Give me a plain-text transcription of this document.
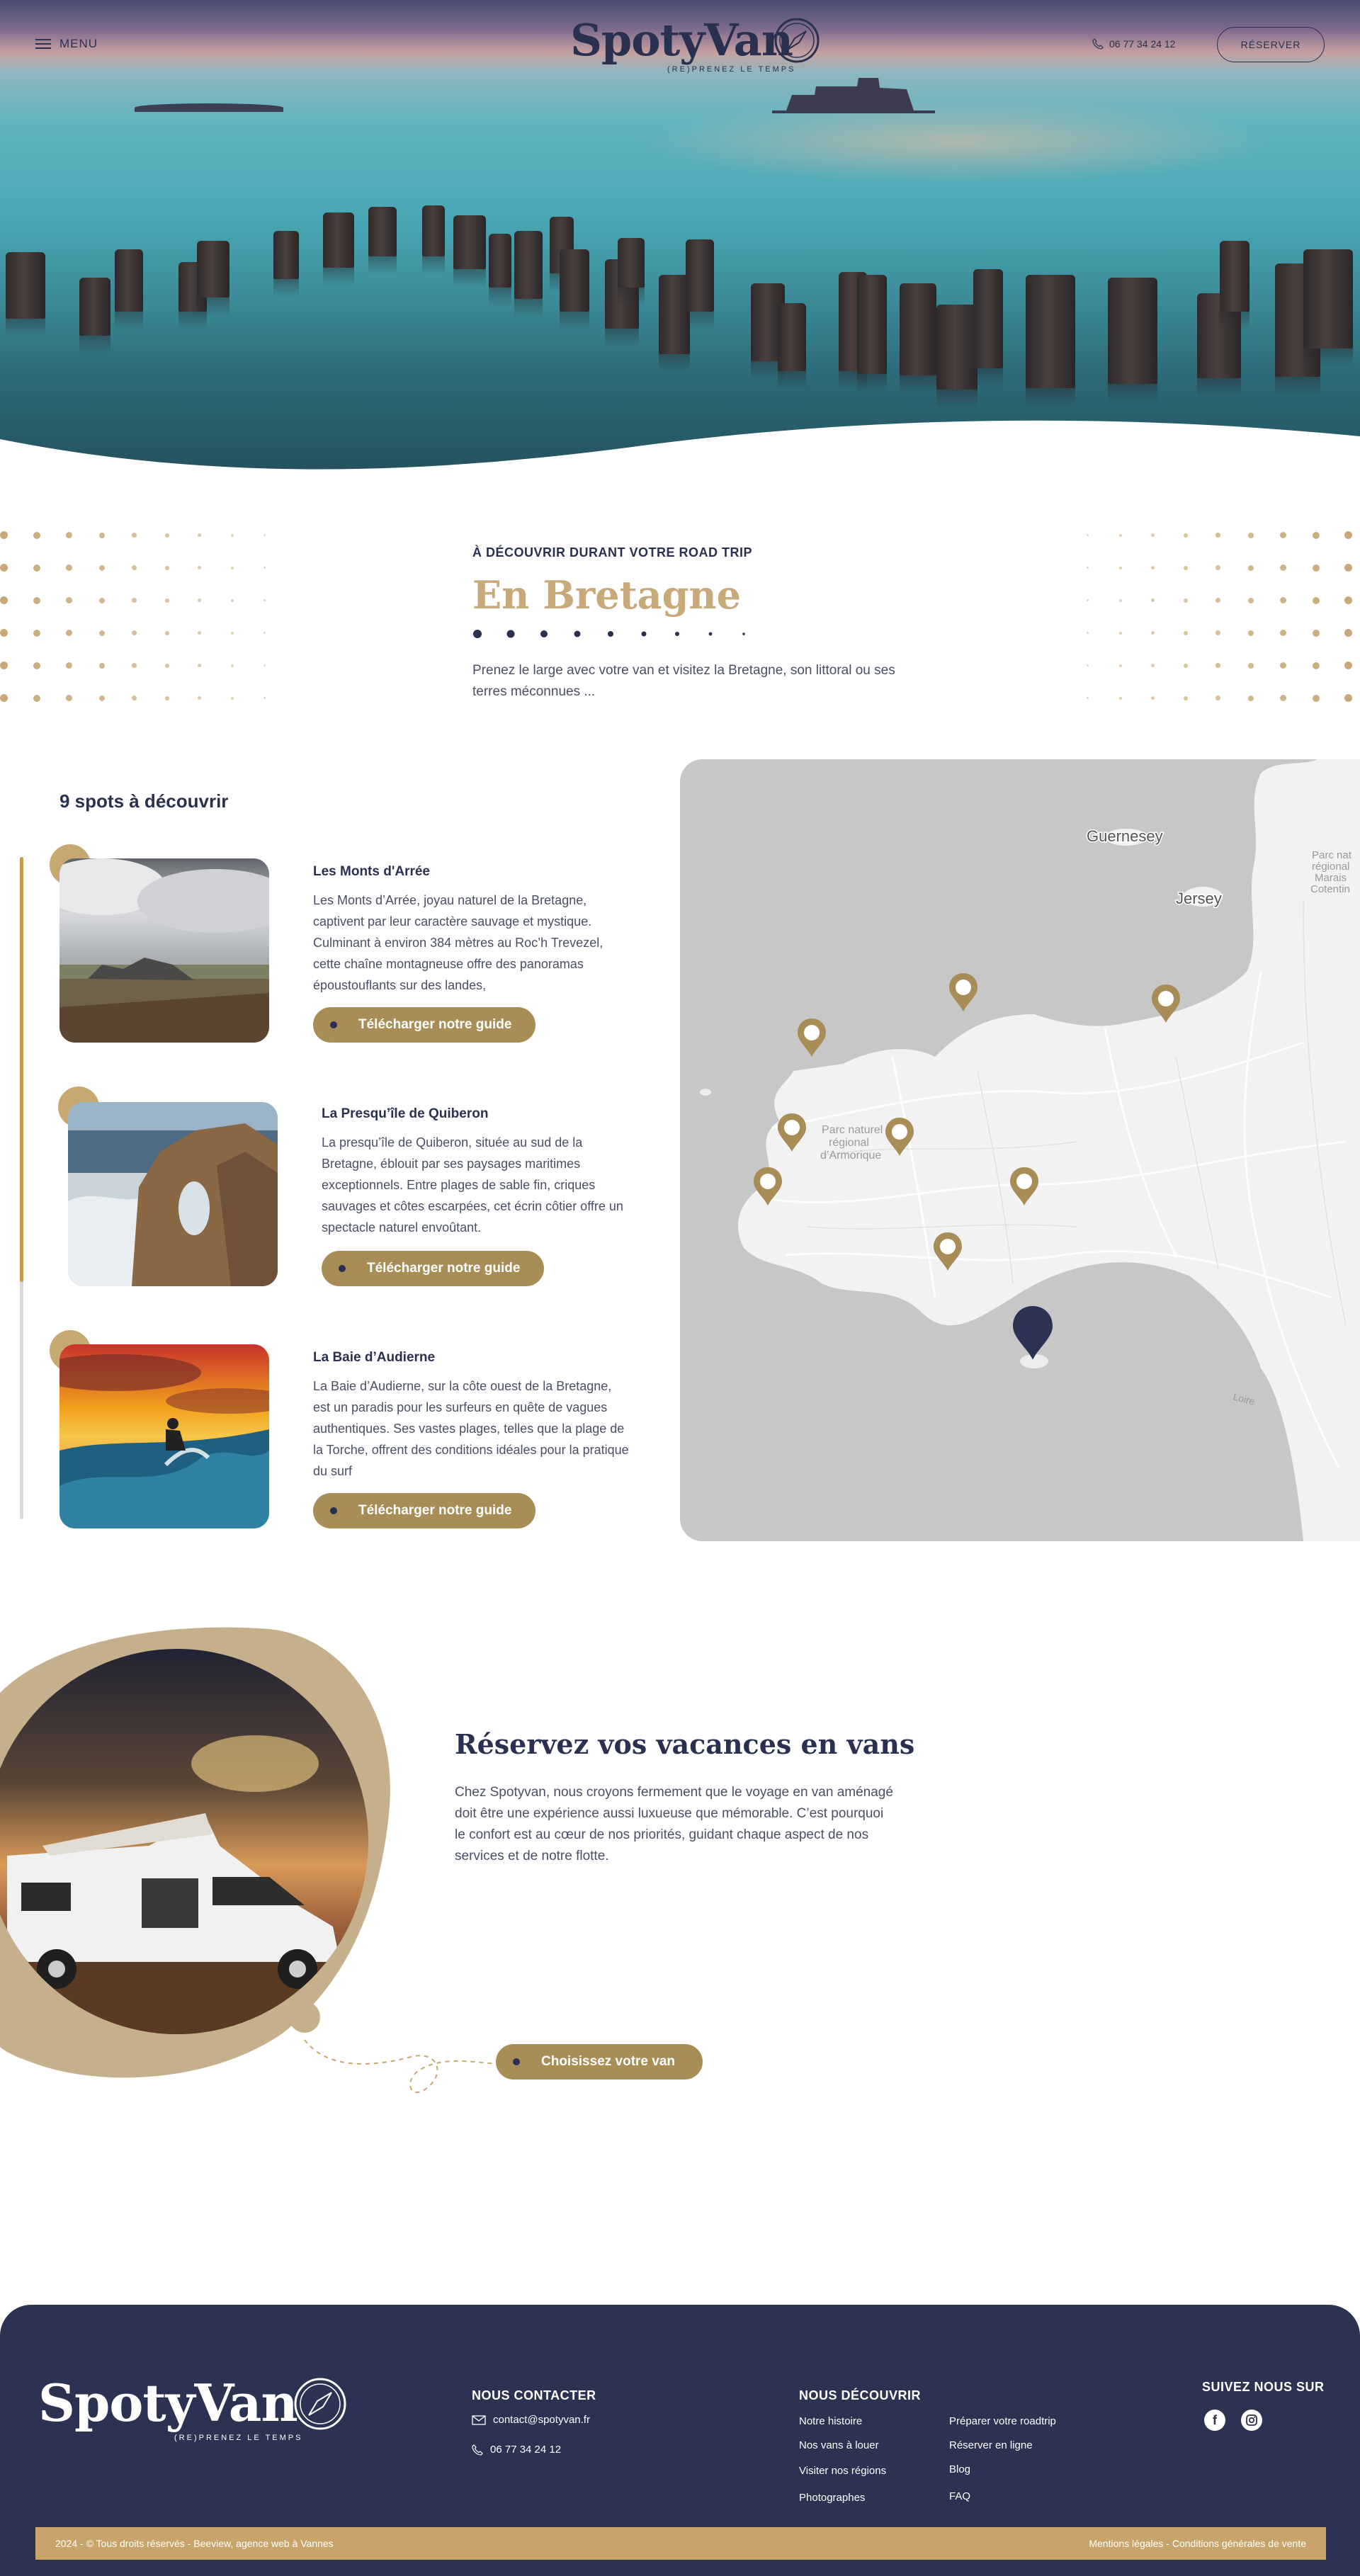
MENU	SpotyVan
(RE)PRENEZ LE TEMPS
06 77 34 24 12	RÉSERVER
À DÉCOUVRIR DURANT VOTRE ROAD TRIP
En Bretagne
Prenez le large avec votre van et visitez la Bretagne, son littoral ou ses terres méconnues ...
9 spots à découvrir
Les Monts d'Arrée
Les Monts d’Arrée, joyau naturel de la Bretagne, captivent par leur caractère sauvage et mystique. Culminant à environ 384 mètres au Roc’h Trevezel, cette chaîne montagneuse offre des panoramas époustouflants sur des landes,
Télécharger notre guide
La Presqu’île de Quiberon
La presqu’île de Quiberon, située au sud de la Bretagne, éblouit par ses paysages maritimes exceptionnels. Entre plages de sable fin, criques sauvages et côtes escarpées, cet écrin côtier offre un spectacle naturel envoûtant.
Télécharger notre guide
La Baie d’Audierne
La Baie d’Audierne, sur la côte ouest de la Bretagne, est un paradis pour les surfeurs en quête de vagues authentiques. Ses vastes plages, telles que la plage de la Torche, offrent des conditions idéales pour la pratique du surf
Télécharger notre guide
Guernesey
Jersey
Parc naturel régional d’Armorique
Parc nat régional Marais Cotentin
Loire
Réservez vos vacances en vans
Chez Spotyvan, nous croyons fermement que le voyage en van aménagé doit être une expérience aussi luxueuse que mémorable. C’est pourquoi le confort est au cœur de nos priorités, guidant chaque aspect de nos services et de notre flotte.
Choisissez votre van
SpotyVan
(RE)PRENEZ LE TEMPS
NOUS CONTACTER
contact@spotyvan.fr
06 77 34 24 12
NOUS DÉCOUVRIR
Notre histoire
Nos vans à louer
Visiter nos régions
Photographes
Préparer votre roadtrip
Réserver en ligne
Blog
FAQ
SUIVEZ NOUS SUR
f
2024 - © Tous droits réservés - Beeview, agence web à Vannes	Mentions légales - Conditions générales de vente
